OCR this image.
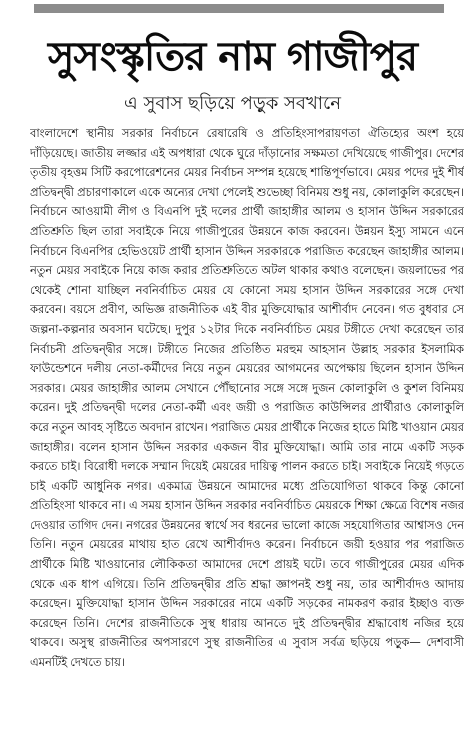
সুসংস্কৃতির নাম গাজীপুর
এ সুবাস ছড়িয়ে পড়ুক সবখানে

বাংলাদেশে স্থানীয় সরকার নির্বাচনে রেষারেষি ও প্রতিহিংসাপরায়ণতা ঐতিহ্যের অংশ হয়ে দাঁড়িয়েছে। জাতীয় লজ্জার এই অপধারা থেকে ঘুরে দাঁড়ানোর সক্ষমতা দেখিয়েছে গাজীপুর। দেশের তৃতীয় বৃহত্তম সিটি করপোরেশনের মেয়র নির্বাচন সম্পন্ন হয়েছে শান্তিপূর্ণভাবে। মেয়র পদের দুই শীর্ষ প্রতিদ্বন্দ্বী প্রচারণাকালে একে অন্যের দেখা পেলেই শুভেচ্ছা বিনিময় শুধু নয়, কোলাকুলি করেছেন। নির্বাচনে আওয়ামী লীগ ও বিএনপি দুই দলের প্রার্থী জাহাঙ্গীর আলম ও হাসান উদ্দিন সরকারের প্রতিশ্রুতি ছিল তারা সবাইকে নিয়ে গাজীপুরের উন্নয়নে কাজ করবেন। উন্নয়ন ইস্যু সামনে এনে নির্বাচনে বিএনপির হেভিওয়েট প্রার্থী হাসান উদ্দিন সরকারকে পরাজিত করেছেন জাহাঙ্গীর আলম। নতুন মেয়র সবাইকে নিয়ে কাজ করার প্রতিশ্রুতিতে অটল থাকার কথাও বলেছেন। জয়লাভের পর থেকেই শোনা যাচ্ছিল নবনির্বাচিত মেয়র যে কোনো সময় হাসান উদ্দিন সরকারের সঙ্গে দেখা করবেন। বয়সে প্রবীণ, অভিজ্ঞ রাজনীতিক এই বীর মুক্তিযোদ্ধার আশীর্বাদ নেবেন। গত বুধবার সে জল্পনা-কল্পনার অবসান ঘটেছে। দুপুর ১২টার দিকে নবনির্বাচিত মেয়র টঙ্গীতে দেখা করেছেন তার নির্বাচনী প্রতিদ্বন্দ্বীর সঙ্গে। টঙ্গীতে নিজের প্রতিষ্ঠিত মরহুম আহসান উল্লাহ সরকার ইসলামিক ফাউন্ডেশনে দলীয় নেতা-কর্মীদের নিয়ে নতুন মেয়রের আগমনের অপেক্ষায় ছিলেন হাসান উদ্দিন সরকার। মেয়র জাহাঙ্গীর আলম সেখানে পৌঁছানোর সঙ্গে সঙ্গে দুজন কোলাকুলি ও কুশল বিনিময় করেন। দুই প্রতিদ্বন্দ্বী দলের নেতা-কর্মী এবং জয়ী ও পরাজিত কাউন্সিলর প্রার্থীরাও কোলাকুলি করে নতুন আবহ সৃষ্টিতে অবদান রাখেন। পরাজিত মেয়র প্রার্থীকে নিজের হাতে মিষ্টি খাওয়ান মেয়র জাহাঙ্গীর। বলেন হাসান উদ্দিন সরকার একজন বীর মুক্তিযোদ্ধা। আমি তার নামে একটি সড়ক করতে চাই। বিরোধী দলকে সম্মান দিয়েই মেয়রের দায়িত্ব পালন করতে চাই। সবাইকে নিয়েই গড়তে চাই একটি আধুনিক নগর। একমাত্র উন্নয়নে আমাদের মধ্যে প্রতিযোগিতা থাকবে কিন্তু কোনো প্রতিহিংসা থাকবে না। এ সময় হাসান উদ্দিন সরকার নবনির্বাচিত মেয়রকে শিক্ষা ক্ষেত্রে বিশেষ নজর দেওয়ার তাগিদ দেন। নগরের উন্নয়নের স্বার্থে সব ধরনের ভালো কাজে সহযোগিতার আশ্বাসও দেন তিনি। নতুন মেয়রের মাথায় হাত রেখে আশীর্বাদও করেন। নির্বাচনে জয়ী হওয়ার পর পরাজিত প্রার্থীকে মিষ্টি খাওয়ানোর লৌকিকতা আমাদের দেশে প্রায়ই ঘটে। তবে গাজীপুরের মেয়র এদিক থেকে এক ধাপ এগিয়ে। তিনি প্রতিদ্বন্দ্বীর প্রতি শ্রদ্ধা জ্ঞাপনই শুধু নয়, তার আশীর্বাদও আদায় করেছেন। মুক্তিযোদ্ধা হাসান উদ্দিন সরকারের নামে একটি সড়কের নামকরণ করার ইচ্ছাও ব্যক্ত করেছেন তিনি। দেশের রাজনীতিকে সুস্থ ধারায় আনতে দুই প্রতিদ্বন্দ্বীর শ্রদ্ধাবোধ নজির হয়ে থাকবে। অসুস্থ রাজনীতির অপসারণে সুস্থ রাজনীতির এ সুবাস সর্বত্র ছড়িয়ে পড়ুক— দেশবাসী এমনটিই দেখতে চায়।
